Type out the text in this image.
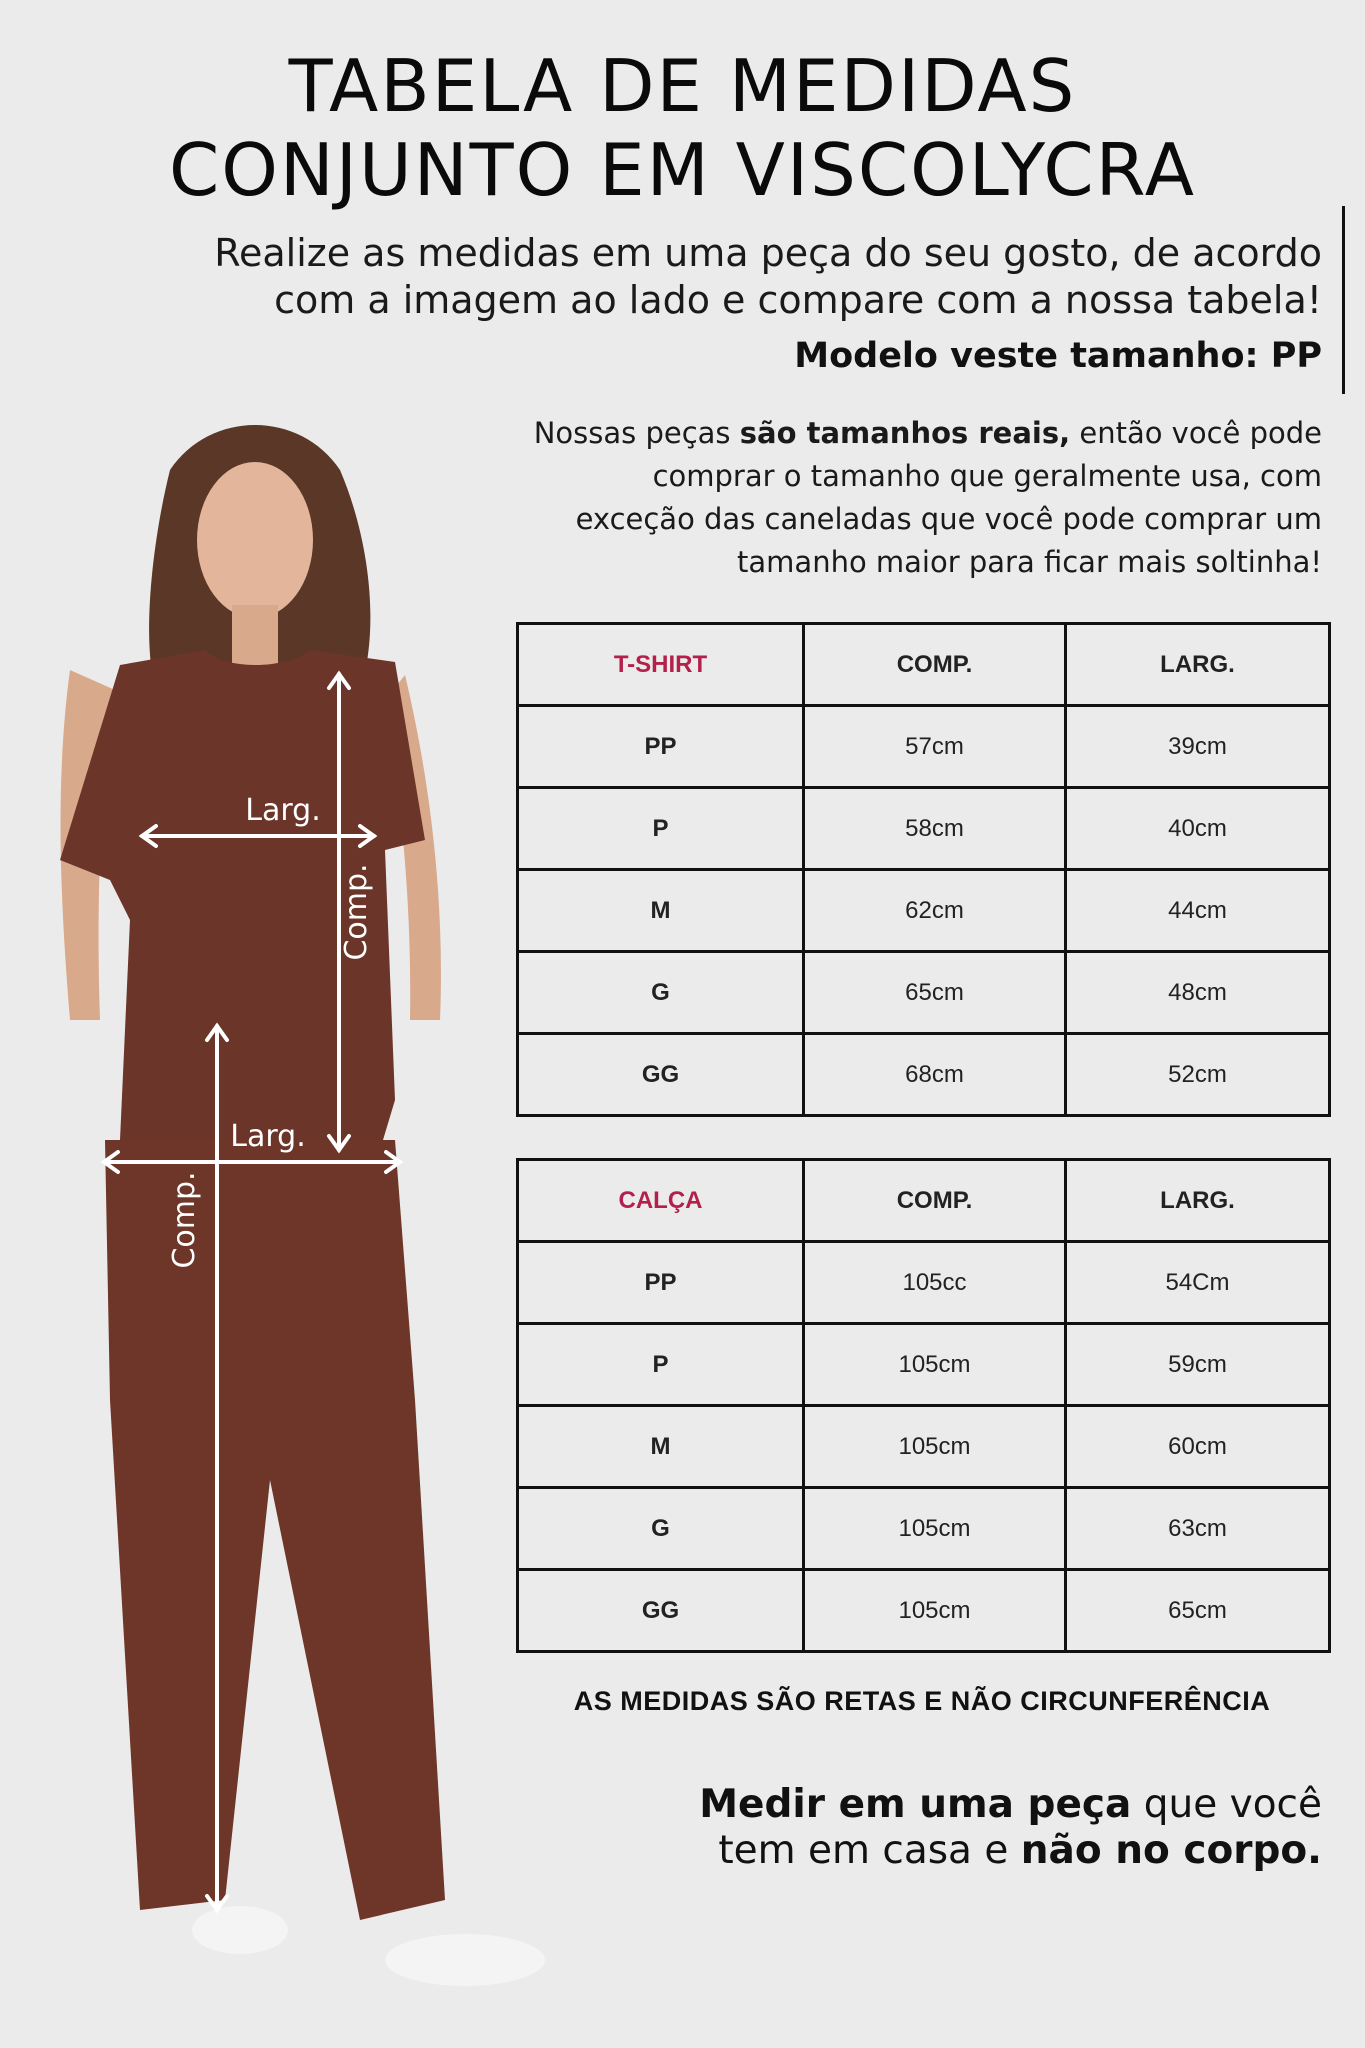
TABELA DE MEDIDAS
CONJUNTO EM VISCOLYCRA
Realize as medidas em uma peça do seu gosto, de acordo
com a imagem ao lado e compare com a nossa tabela!
Modelo veste tamanho: PP
Nossas peças são tamanhos reais, então você pode
comprar o tamanho que geralmente usa, com
exceção das caneladas que você pode comprar um
tamanho maior para ficar mais soltinha!
Larg.
Comp.
Larg.
Comp.
T-SHIRT	COMP.	LARG.
PP	57cm	39cm
P	58cm	40cm
M	62cm	44cm
G	65cm	48cm
GG	68cm	52cm
CALÇA	COMP.	LARG.
PP	105cc	54Cm
P	105cm	59cm
M	105cm	60cm
G	105cm	63cm
GG	105cm	65cm
AS MEDIDAS SÃO RETAS E NÃO CIRCUNFERÊNCIA
Medir em uma peça que você
tem em casa e não no corpo.
